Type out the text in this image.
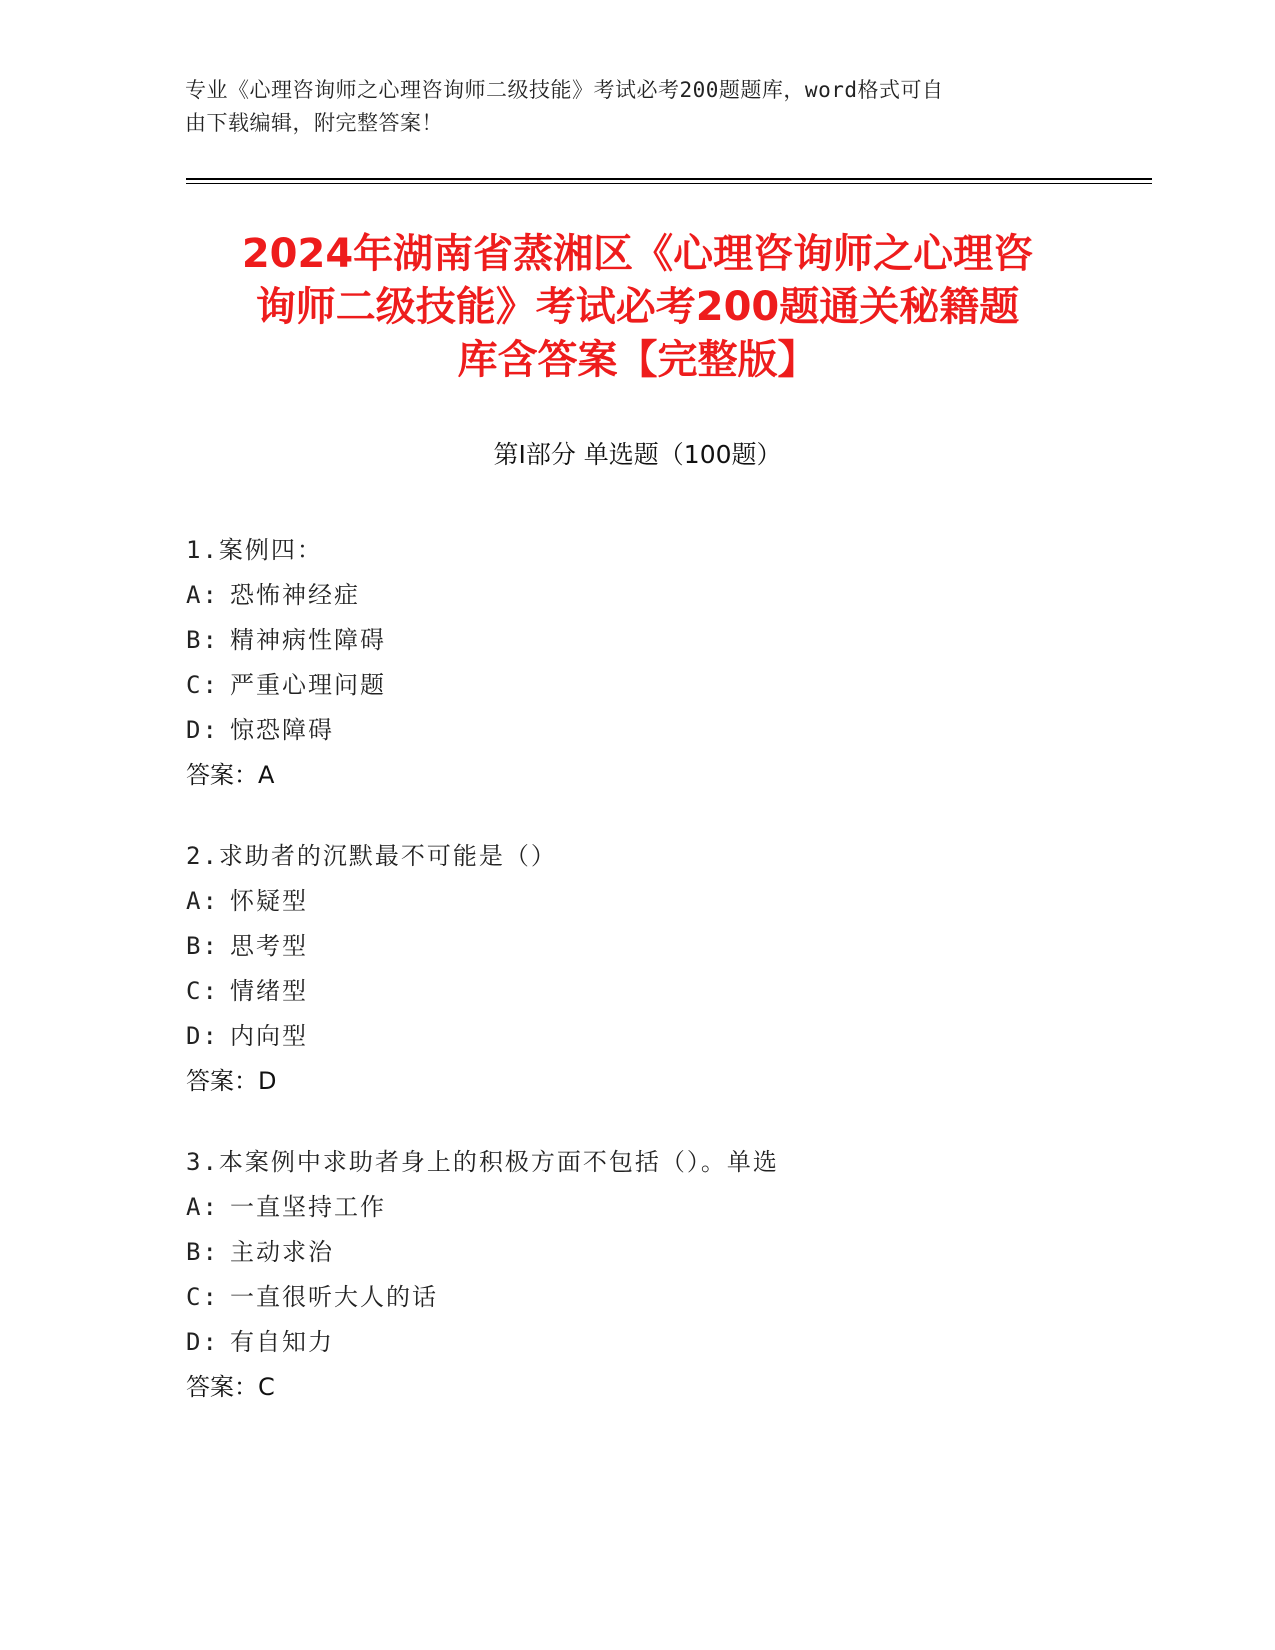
专业《心理咨询师之心理咨询师二级技能》考试必考200题题库，word格式可自
由下载编辑，附完整答案！
2024年湖南省蒸湘区《心理咨询师之心理咨
询师二级技能》考试必考200题通关秘籍题
库含答案【完整版】
第Ⅰ部分 单选题（100题）
1.案例四：
A: 恐怖神经症
B: 精神病性障碍
C: 严重心理问题
D: 惊恐障碍
答案：A
2.求助者的沉默最不可能是（）
A: 怀疑型
B: 思考型
C: 情绪型
D: 内向型
答案：D
3.本案例中求助者身上的积极方面不包括（）。单选
A: 一直坚持工作
B: 主动求治
C: 一直很听大人的话
D: 有自知力
答案：C
